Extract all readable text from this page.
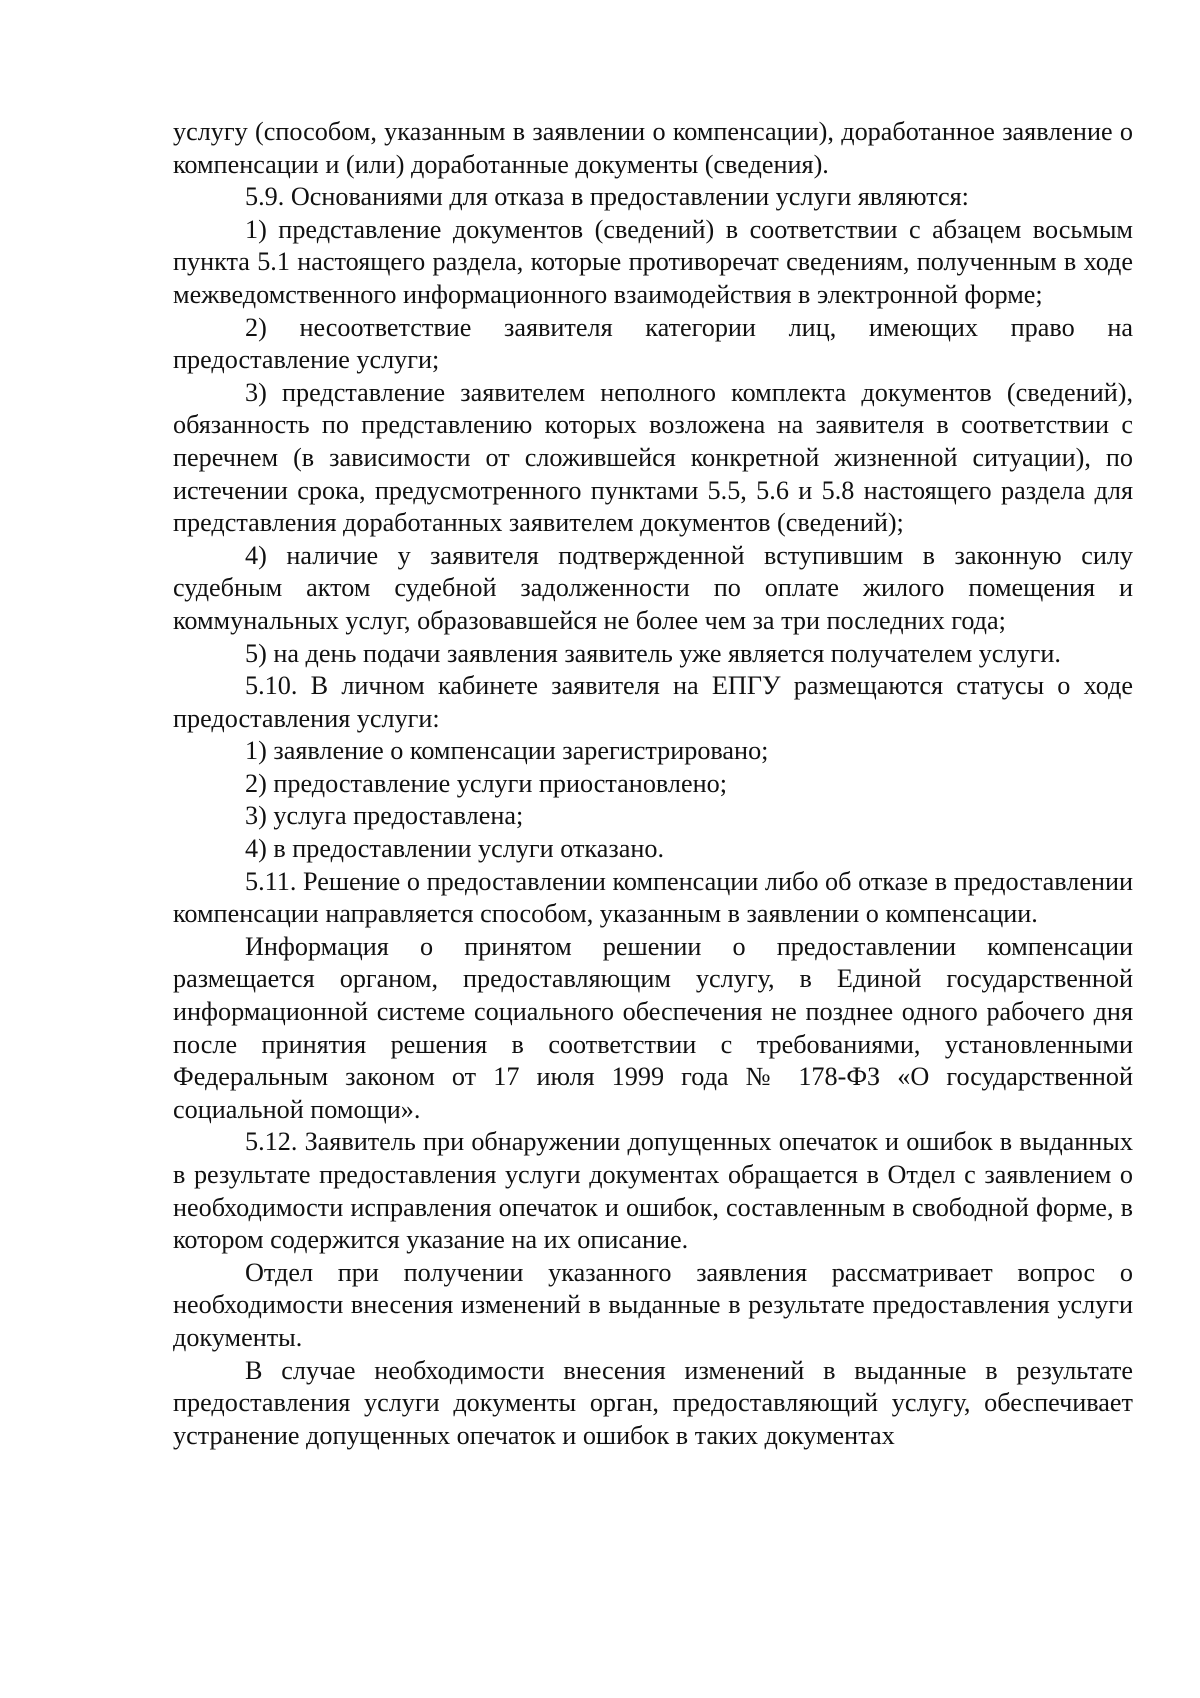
услугу (способом, указанным в заявлении о компенсации), доработанное заявление о компенсации и (или) доработанные документы (сведения).

5.9. Основаниями для отказа в предоставлении услуги являются:

1) представление документов (сведений) в соответствии с абзацем восьмым пункта 5.1 настоящего раздела, которые противоречат сведениям, полученным в ходе межведомственного информационного взаимодействия в электронной форме;

2) несоответствие заявителя категории лиц, имеющих право на предоставление услуги;

3) представление заявителем неполного комплекта документов (сведений), обязанность по представлению которых возложена на заявителя в соответствии с перечнем (в зависимости от сложившейся конкретной жизненной ситуации), по истечении срока, предусмотренного пунктами 5.5, 5.6 и 5.8 настоящего раздела для представления доработанных заявителем документов (сведений);

4) наличие у заявителя подтвержденной вступившим в законную силу судебным актом судебной задолженности по оплате жилого помещения и коммунальных услуг, образовавшейся не более чем за три последних года;

5) на день подачи заявления заявитель уже является получателем услуги.

5.10. В личном кабинете заявителя на ЕПГУ размещаются статусы о ходе предоставления услуги:

1) заявление о компенсации зарегистрировано;

2) предоставление услуги приостановлено;

3) услуга предоставлена;

4) в предоставлении услуги отказано.

5.11. Решение о предоставлении компенсации либо об отказе в предоставлении компенсации направляется способом, указанным в заявлении о компенсации.

Информация о принятом решении о предоставлении компенсации размещается органом, предоставляющим услугу, в Единой государственной информационной системе социального обеспечения не позднее одного рабочего дня после принятия решения в соответствии с требованиями, установленными Федеральным законом от 17 июля 1999 года № 178-ФЗ «О государственной социальной помощи».

5.12. Заявитель при обнаружении допущенных опечаток и ошибок в выданных в результате предоставления услуги документах обращается в Отдел с заявлением о необходимости исправления опечаток и ошибок, составленным в свободной форме, в котором содержится указание на их описание.

Отдел при получении указанного заявления рассматривает вопрос о необходимости внесения изменений в выданные в результате предоставления услуги документы.

В случае необходимости внесения изменений в выданные в результате предоставления услуги документы орган, предоставляющий услугу, обеспечивает устранение допущенных опечаток и ошибок в таких документах
